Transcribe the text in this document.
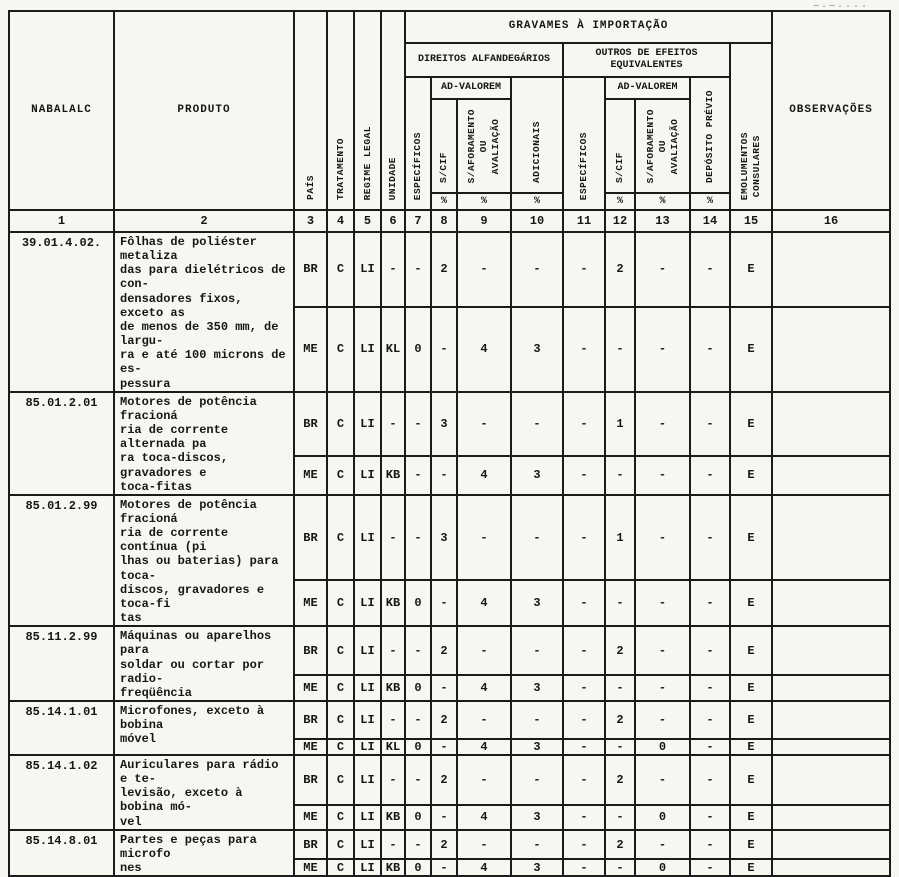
~·~··-·
NABALALC	PRODUTO	PAÍS	TRATAMENTO	REGIME LEGAL	UNIDADE	GRAVAMES À IMPORTAÇÃO									OBSERVAÇÕES
						DIREITOS ALFANDEGÁRIOS				OUTROS DE EFEITOS
EQUIVALENTES				EMOLUMENTOS
CONSULARES	
						ESPECÍFICOS	AD-VALOREM		ADICIONAIS	ESPECÍFICOS	AD-VALOREM		DEPÓSITO PRÉVIO		
							S/CIF	S/AFORAMENTO
OU
AVALIAÇÃO			S/CIF	S/AFORAMENTO
OU
AVALIAÇÃO			
							%	%	%		%	%	%		
1	2	3	4	5	6	7	8	9	10	11	12	13	14	15	16
39.01.4.02.	Fôlhas de poliéster metaliza
das para dielétricos de con-
densadores fixos, exceto as
de menos de 350 mm, de largu-
ra e até 100 microns de es-
pessura	BR	C	LI	-	-	2	-	-	-	2	-	-	E	
		ME	C	LI	KL	0	-	4	3	-	-	-	-	E	
85.01.2.01	Motores de potência fracioná
ria de corrente alternada pa
ra toca-discos, gravadores e
toca-fitas	BR	C	LI	-	-	3	-	-	-	1	-	-	E	
		ME	C	LI	KB	-	-	4	3	-	-	-	-	E	
85.01.2.99	Motores de potência fracioná
ria de corrente contínua (pi
lhas ou baterias) para toca-
discos, gravadores e toca-fi
tas	BR	C	LI	-	-	3	-	-	-	1	-	-	E	
		ME	C	LI	KB	0	-	4	3	-	-	-	-	E	
85.11.2.99	Máquinas ou aparelhos para
soldar ou cortar por radio-
freqüência	BR	C	LI	-	-	2	-	-	-	2	-	-	E	
		ME	C	LI	KB	0	-	4	3	-	-	-	-	E	
85.14.1.01	Microfones, exceto à bobina
móvel	BR	C	LI	-	-	2	-	-	-	2	-	-	E	
		ME	C	LI	KL	0	-	4	3	-	-	0	-	E	
85.14.1.02	Auriculares para rádio e te-
levisão, exceto à bobina mó-
vel	BR	C	LI	-	-	2	-	-	-	2	-	-	E	
		ME	C	LI	KB	0	-	4	3	-	-	0	-	E	
85.14.8.01	Partes e peças para microfo
nes	BR	C	LI	-	-	2	-	-	-	2	-	-	E	
		ME	C	LI	KB	0	-	4	3	-	-	0	-	E	
